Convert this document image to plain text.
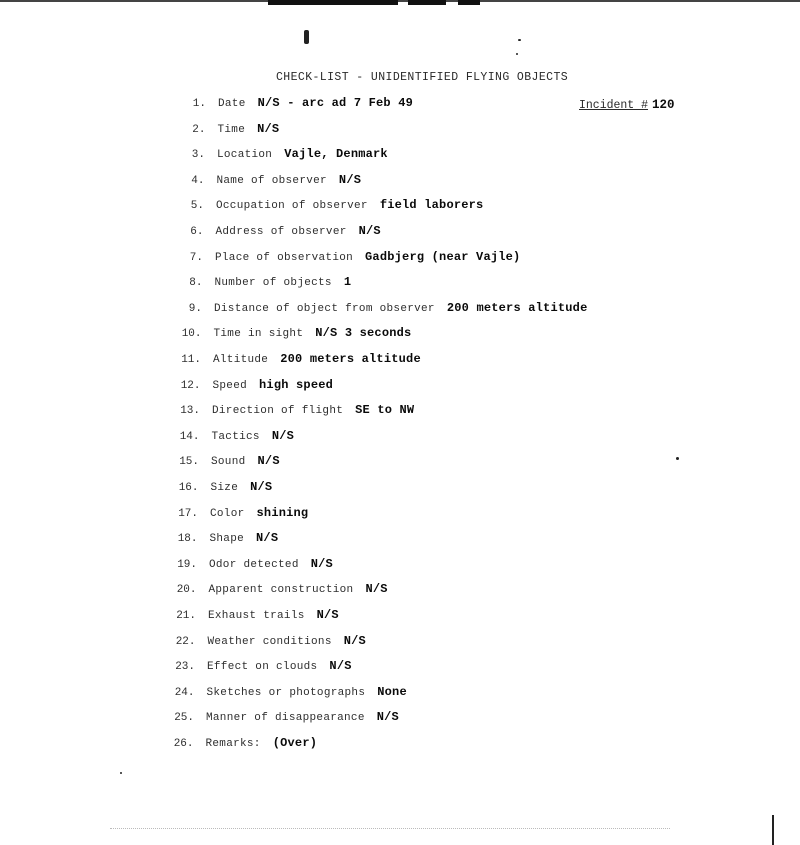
CHECK-LIST - UNIDENTIFIED FLYING OBJECTS
Incident # 120
1. Date N/S - arc ad 7 Feb 49
2. Time N/S
3. Location Vajle, Denmark
4. Name of observer N/S
5. Occupation of observer field laborers
6. Address of observer N/S
7. Place of observation Gadbjerg (near Vajle)
8. Number of objects 1
9. Distance of object from observer 200 meters altitude
10. Time in sight N/S 3 seconds
11. Altitude 200 meters altitude
12. Speed high speed
13. Direction of flight SE to NW
14. Tactics N/S
15. Sound N/S
16. Size N/S
17. Color shining
18. Shape N/S
19. Odor detected N/S
20. Apparent construction N/S
21. Exhaust trails N/S
22. Weather conditions N/S
23. Effect on clouds N/S
24. Sketches or photographs None
25. Manner of disappearance N/S
26. Remarks: (Over)
